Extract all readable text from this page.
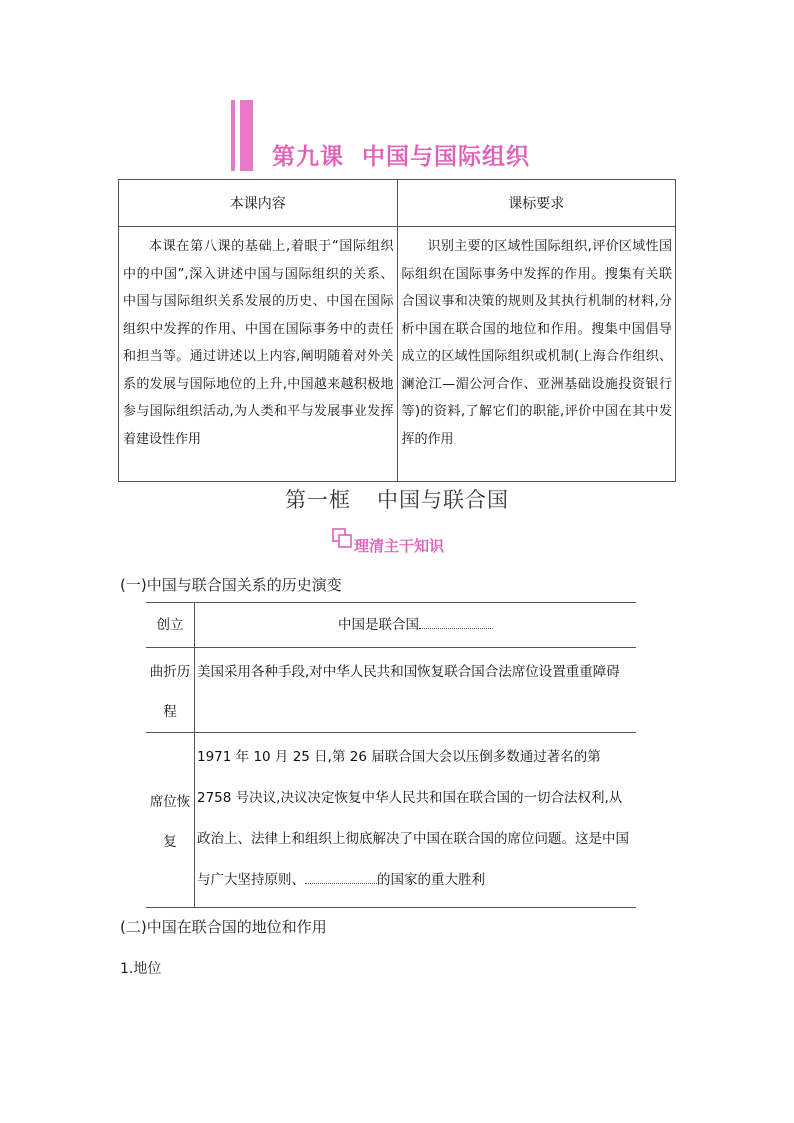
第九课 中国与国际组织
本课内容	课标要求
本课在第八课的基础上,着眼于“国际组织中的中国”,深入讲述中国与国际组织的关系、中国与国际组织关系发展的历史、中国在国际组织中发挥的作用、中国在国际事务中的责任和担当等。通过讲述以上内容,阐明随着对外关系的发展与国际地位的上升,中国越来越积极地参与国际组织活动,为人类和平与发展事业发挥着建设性作用	识别主要的区域性国际组织,评价区域性国际组织在国际事务中发挥的作用。搜集有关联合国议事和决策的规则及其执行机制的材料,分析中国在联合国的地位和作用。搜集中国倡导成立的区域性国际组织或机制(上海合作组织、澜沧江—湄公河合作、亚洲基础设施投资银行等)的资料,了解它们的职能,评价中国在其中发挥的作用
第一框 中国与联合国
理清主干知识
(一)中国与联合国关系的历史演变
创立	中国是联合国
曲折历程	美国采用各种手段,对中华人民共和国恢复联合国合法席位设置重重障碍
席位恢复	1971 年 10 月 25 日,第 26 届联合国大会以压倒多数通过著名的第 2758 号决议,决议决定恢复中华人民共和国在联合国的一切合法权利,从政治上、法律上和组织上彻底解决了中国在联合国的席位问题。这是中国与广大坚持原则、 的国家的重大胜利
(二)中国在联合国的地位和作用
1.地位
